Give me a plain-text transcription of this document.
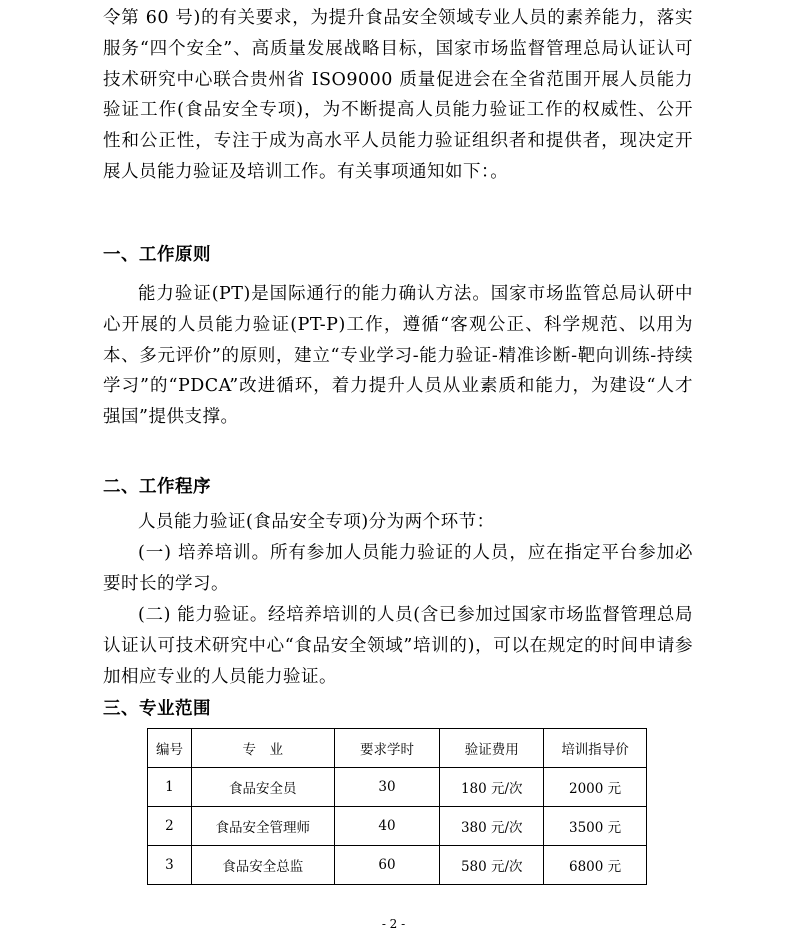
令第 60 号)的有关要求，为提升食品安全领域专业人员的素养能力，落实服务“四个安全”、高质量发展战略目标，国家市场监督管理总局认证认可技术研究中心联合贵州省 ISO9000 质量促进会在全省范围开展人员能力验证工作(食品安全专项)，为不断提高人员能力验证工作的权威性、公开性和公正性，专注于成为高水平人员能力验证组织者和提供者，现决定开展人员能力验证及培训工作。有关事项通知如下：。

一、工作原则

能力验证(PT)是国际通行的能力确认方法。国家市场监管总局认研中心开展的人员能力验证(PT-P)工作，遵循“客观公正、科学规范、以用为本、多元评价”的原则，建立“专业学习-能力验证-精准诊断-靶向训练-持续学习”的“PDCA”改进循环，着力提升人员从业素质和能力，为建设“人才强国”提供支撑。

二、工作程序

人员能力验证(食品安全专项)分为两个环节：

(一) 培养培训。所有参加人员能力验证的人员，应在指定平台参加必要时长的学习。

(二) 能力验证。经培养培训的人员(含已参加过国家市场监督管理总局认证认可技术研究中心“食品安全领域”培训的)，可以在规定的时间申请参加相应专业的人员能力验证。

三、专业范围
编号	专　业	要求学时	验证费用	培训指导价
1	食品安全员	30	180 元/次	2000 元
2	食品安全管理师	40	380 元/次	3500 元
3	食品安全总监	60	580 元/次	6800 元
- 2 -
